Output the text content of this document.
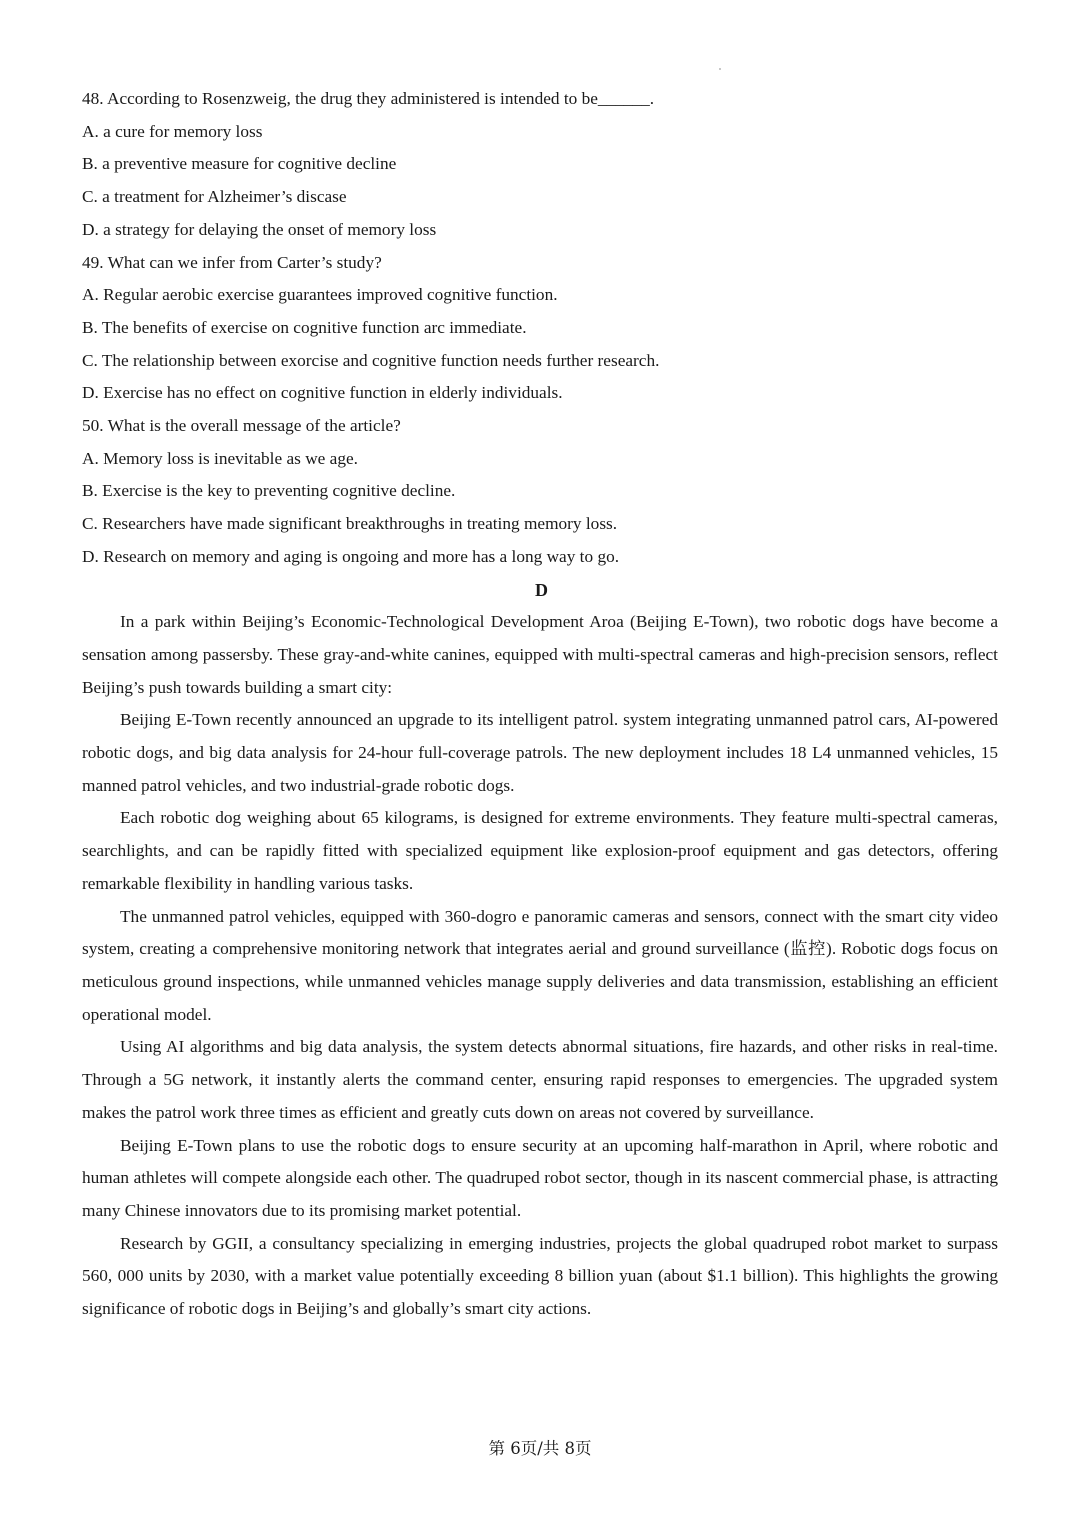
48. According to Rosenzweig, the drug they administered is intended to be______.

A. a cure for memory loss

B. a preventive measure for cognitive decline

C. a treatment for Alzheimer’s discase

D. a strategy for delaying the onset of memory loss

49. What can we infer from Carter’s study?

A. Regular aerobic exercise guarantees improved cognitive function.

B. The benefits of exercise on cognitive function arc immediate.

C. The relationship between exorcise and cognitive function needs further research.

D. Exercise has no effect on cognitive function in elderly individuals.

50. What is the overall message of the article?

A. Memory loss is inevitable as we age.

B. Exercise is the key to preventing cognitive decline.

C. Researchers have made significant breakthroughs in treating memory loss.

D. Research on memory and aging is ongoing and more has a long way to go.

D

In a park within Beijing’s Economic-Technological Development Aroa (Beijing E-Town), two robotic dogs have become a sensation among passersby. These gray-and-white canines, equipped with multi-spectral cameras and high-precision sensors, reflect Beijing’s push towards building a smart city:

Beijing E-Town recently announced an upgrade to its intelligent patrol. system integrating unmanned patrol cars, AI-powered robotic dogs, and big data analysis for 24-hour full-coverage patrols. The new deployment includes 18 L4 unmanned vehicles, 15 manned patrol vehicles, and two industrial-grade robotic dogs.

Each robotic dog weighing about 65 kilograms, is designed for extreme environments. They feature multi-spectral cameras, searchlights, and can be rapidly fitted with specialized equipment like explosion-proof equipment and gas detectors, offering remarkable flexibility in handling various tasks.

The unmanned patrol vehicles, equipped with 360-dogro e panoramic cameras and sensors, connect with the smart city video system, creating a comprehensive monitoring network that integrates aerial and ground surveillance (监控). Robotic dogs focus on meticulous ground inspections, while unmanned vehicles manage supply deliveries and data transmission, establishing an efficient operational model.

Using AI algorithms and big data analysis, the system detects abnormal situations, fire hazards, and other risks in real-time. Through a 5G network, it instantly alerts the command center, ensuring rapid responses to emergencies. The upgraded system makes the patrol work three times as efficient and greatly cuts down on areas not covered by surveillance.

Beijing E-Town plans to use the robotic dogs to ensure security at an upcoming half-marathon in April, where robotic and human athletes will compete alongside each other. The quadruped robot sector, though in its nascent commercial phase, is attracting many Chinese innovators due to its promising market potential.

Research by GGII, a consultancy specializing in emerging industries, projects the global quadruped robot market to surpass 560, 000 units by 2030, with a market value potentially exceeding 8 billion yuan (about $1.1 billion). This highlights the growing significance of robotic dogs in Beijing’s and globally’s smart city actions.

第 6页/共 8页
